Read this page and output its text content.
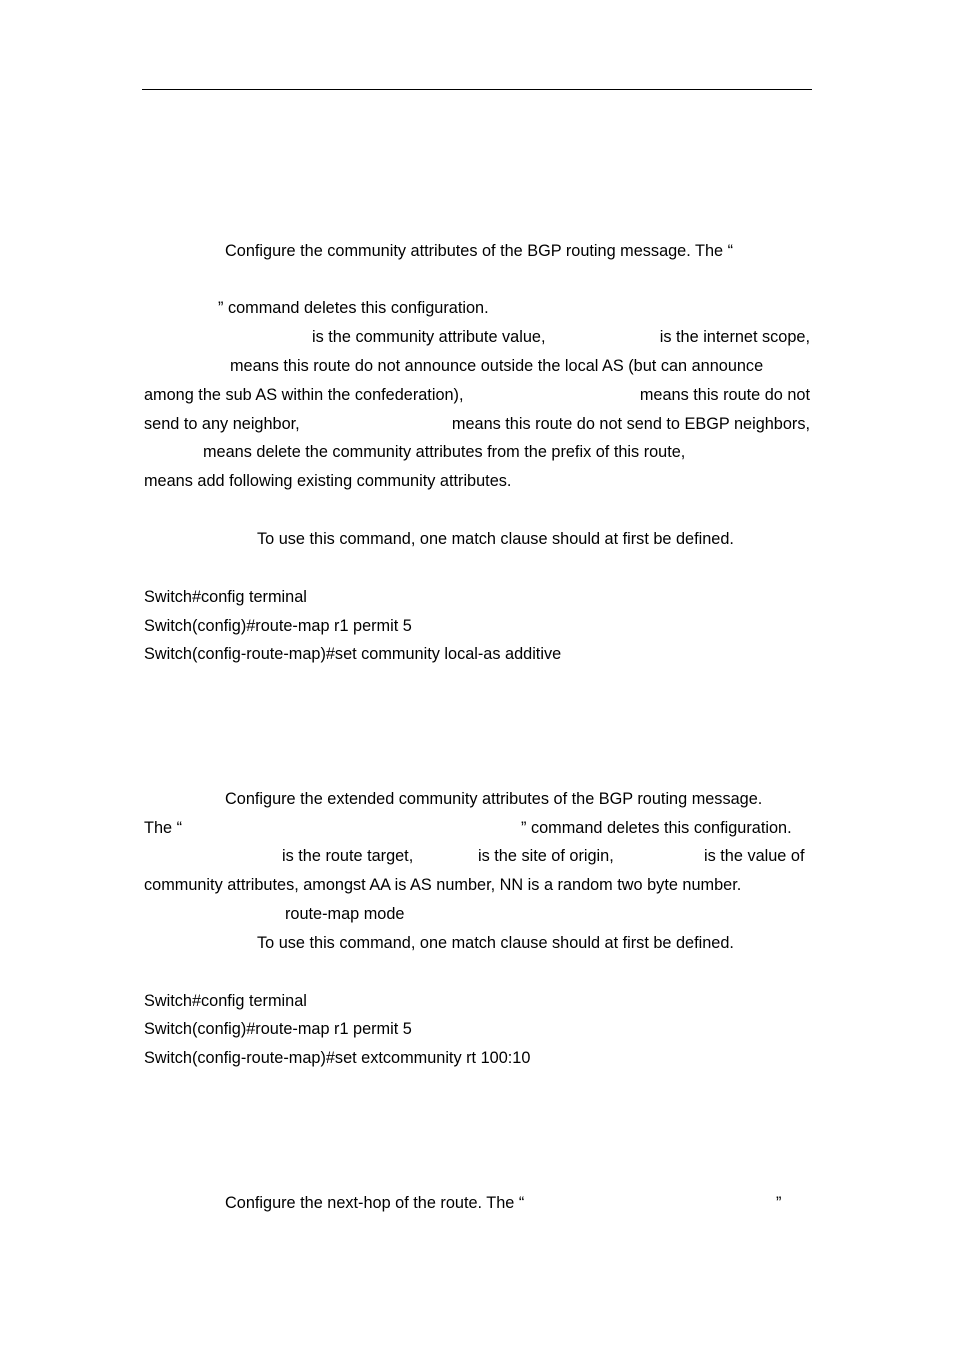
Configure the community attributes of the BGP routing message. The “
” command deletes this configuration.
is the community attribute value,	is the internet scope,
means this route do not announce outside the local AS (but can announce
among the sub AS within the confederation),	means this route do not
send to any neighbor,	means this route do not send to EBGP neighbors,
means delete the community attributes from the prefix of this route,
means add following existing community attributes.
To use this command, one match clause should at first be defined.
Switch#config terminal
Switch(config)#route-map r1 permit 5
Switch(config-route-map)#set community local-as additive
Configure the extended community attributes of the BGP routing message.
The “	” command deletes this configuration.
is the route target,	is the site of origin,	is the value of
community attributes, amongst AA is AS number, NN is a random two byte number.
route-map mode
To use this command, one match clause should at first be defined.
Switch#config terminal
Switch(config)#route-map r1 permit 5
Switch(config-route-map)#set extcommunity rt 100:10
Configure the next-hop of the route. The “	”
